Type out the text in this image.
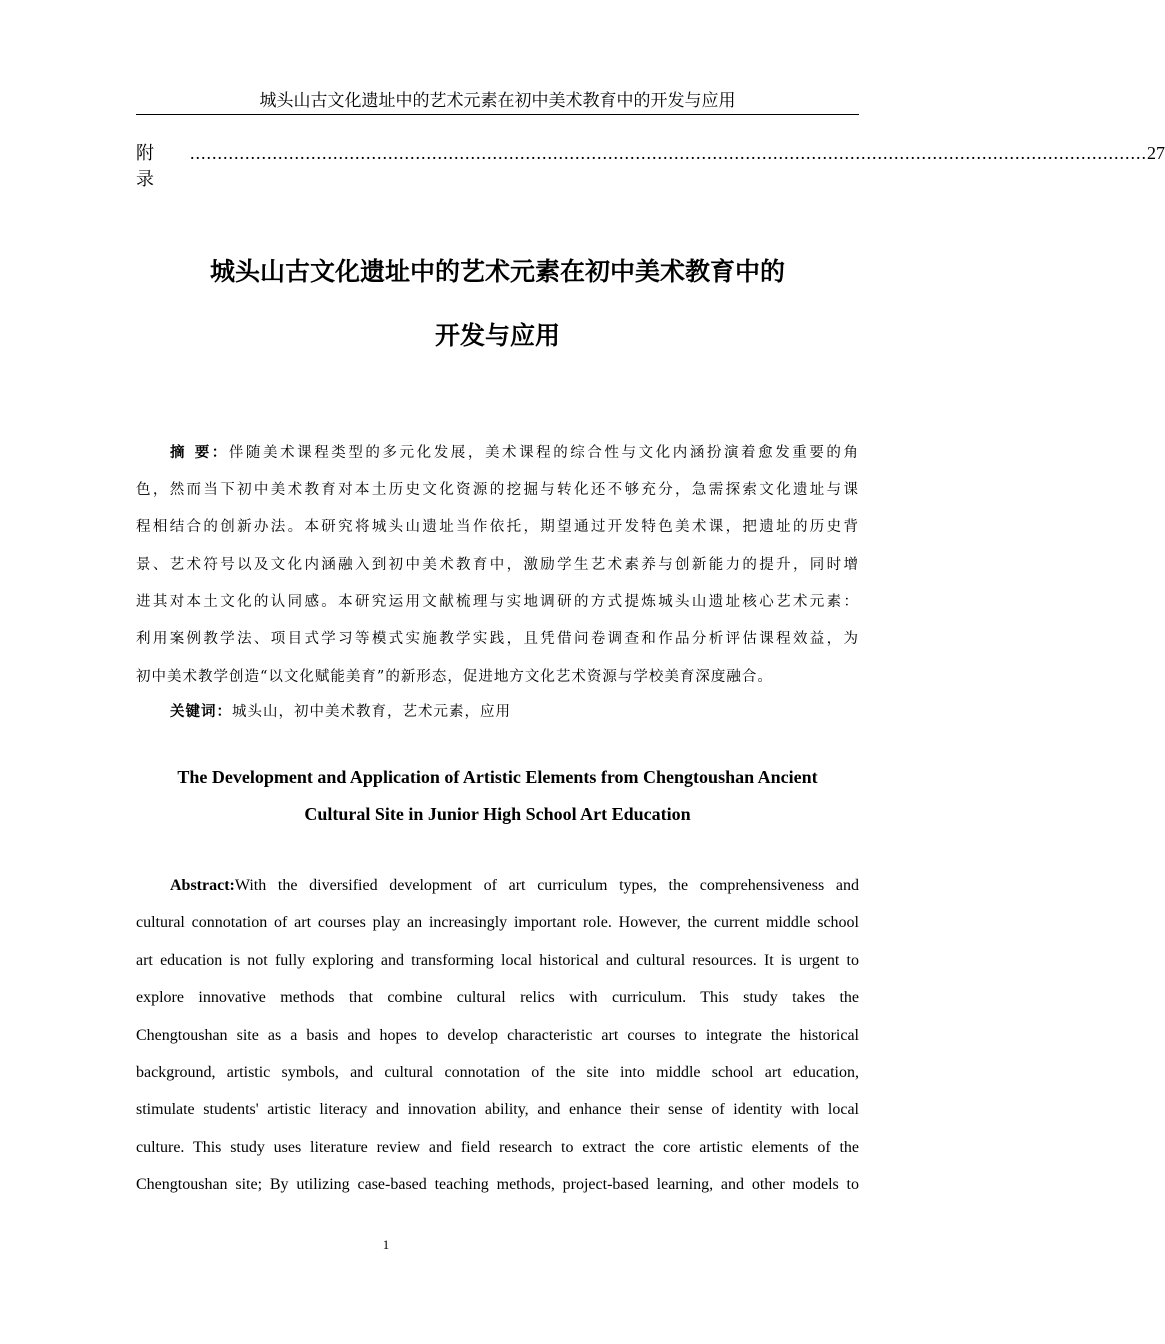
城头山古文化遗址中的艺术元素在初中美术教育中的开发与应用
附　　录
.............................................................................................................................................................................. 27
城头山古文化遗址中的艺术元素在初中美术教育中的
开发与应用
摘 要：伴随美术课程类型的多元化发展，美术课程的综合性与文化内涵扮演着愈发重要的角
色，然而当下初中美术教育对本土历史文化资源的挖掘与转化还不够充分，急需探索文化遗址与课
程相结合的创新办法。本研究将城头山遗址当作依托，期望通过开发特色美术课，把遗址的历史背
景、艺术符号以及文化内涵融入到初中美术教育中，激励学生艺术素养与创新能力的提升，同时增
进其对本土文化的认同感。本研究运用文献梳理与实地调研的方式提炼城头山遗址核心艺术元素：
利用案例教学法、项目式学习等模式实施教学实践，且凭借问卷调查和作品分析评估课程效益，为
初中美术教学创造“以文化赋能美育”的新形态，促进地方文化艺术资源与学校美育深度融合。
关键词：城头山，初中美术教育，艺术元素，应用
The Development and Application of Artistic Elements from Chengtoushan Ancient
Cultural Site in Junior High School Art Education
Abstract:With the diversified development of art curriculum types, the comprehensiveness and
cultural connotation of art courses play an increasingly important role. However, the current middle school
art education is not fully exploring and transforming local historical and cultural resources. It is urgent to
explore innovative methods that combine cultural relics with curriculum. This study takes the
Chengtoushan site as a basis and hopes to develop characteristic art courses to integrate the historical
background, artistic symbols, and cultural connotation of the site into middle school art education,
stimulate students' artistic literacy and innovation ability, and enhance their sense of identity with local
culture. This study uses literature review and field research to extract the core artistic elements of the
Chengtoushan site; By utilizing case-based teaching methods, project-based learning, and other models to
1
